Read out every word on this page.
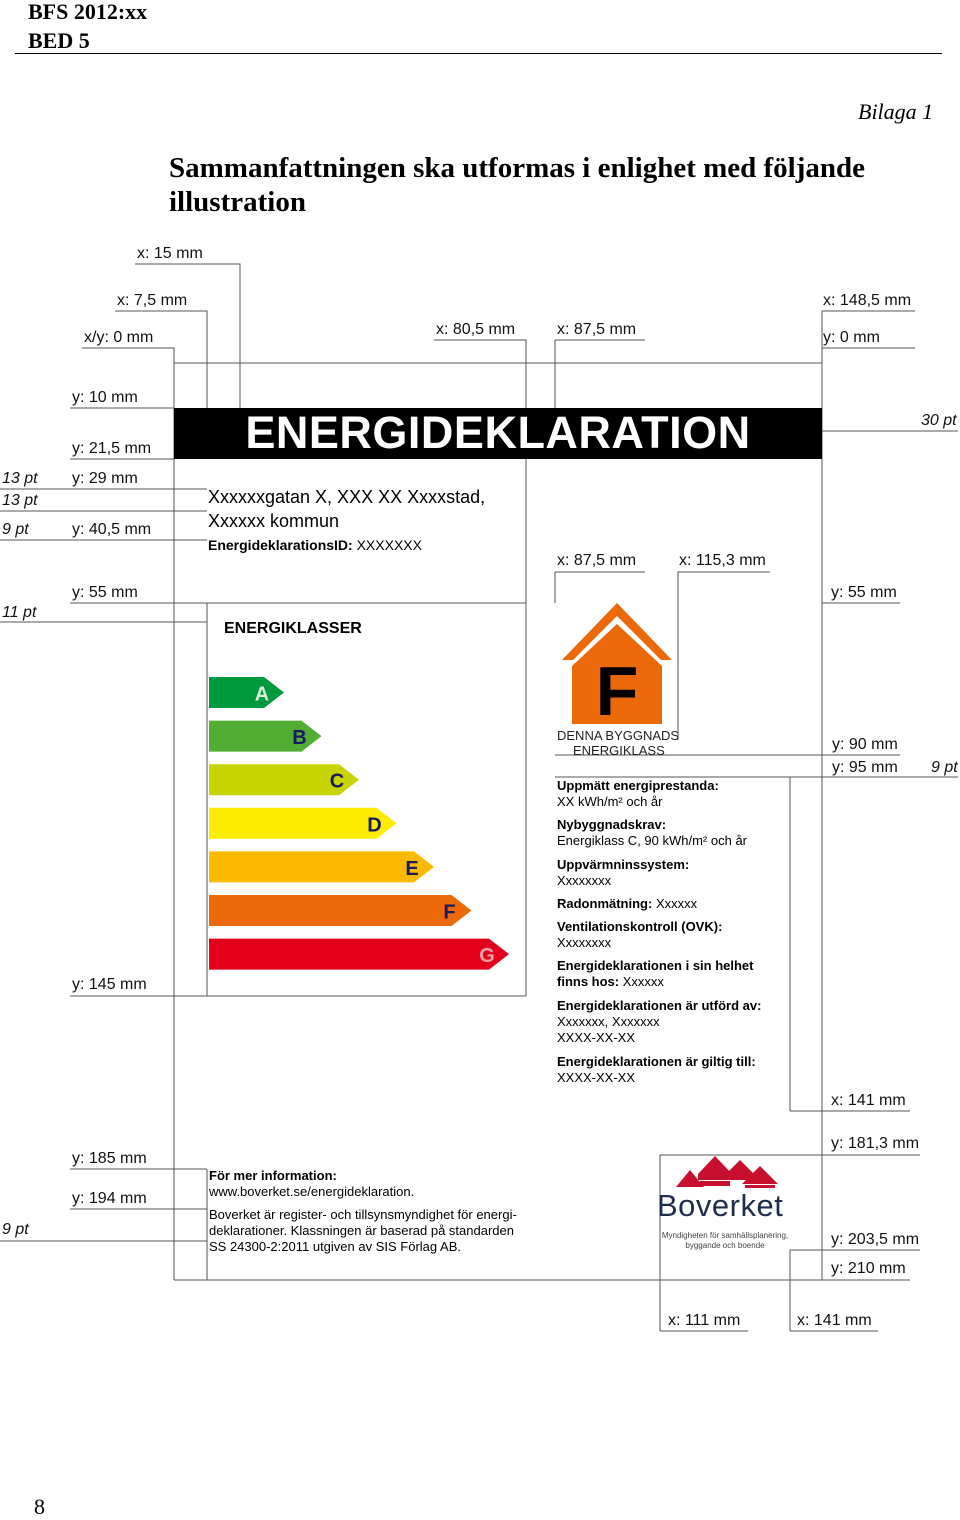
BFS 2012:xx
BED 5
Bilaga 1
Sammanfattningen ska utformas i enlighet med följande
illustration
x: 15 mm
x: 7,5 mm
x/y: 0 mm	x: 80,5 mm	x: 87,5 mm
x: 148,5 mm
y: 0 mm
y: 10 mm
y: 21,5 mm
y: 29 mm
y: 40,5 mm
x: 87,5 mm	x: 115,3 mm
y: 55 mm	y: 55 mm
y: 90 mm
y: 95 mm
y: 145 mm
x: 141 mm
y: 181,3 mm
y: 185 mm
y: 194 mm
y: 203,5 mm
y: 210 mm
x: 111 mm	x: 141 mm
30 pt
13 pt
13 pt
9 pt
11 pt
9 pt
9 pt
ENERGIDEKLARATION
Xxxxxxgatan X, XXX XX Xxxxstad,
Xxxxxx kommun
EnergideklarationsID: XXXXXXX
ENERGIKLASSER
A
B
C
D
E
F
G
F
DENNA BYGGNADS
ENERGIKLASS
Uppmätt energiprestanda:
XX kWh/m² och år
Nybyggnadskrav:
Energiklass C, 90 kWh/m² och år
Uppvärmninssystem:
Xxxxxxxx
Radonmätning: Xxxxxx
Ventilationskontroll (OVK):
Xxxxxxxx
Energideklarationen i sin helhet
finns hos: Xxxxxx
Energideklarationen är utförd av:
Xxxxxxx, Xxxxxxx
XXXX-XX-XX
Energideklarationen är giltig till:
XXXX-XX-XX
För mer information:
www.boverket.se/energideklaration.
Boverket är register- och tillsynsmyndighet för energi-
deklarationer. Klassningen är baserad på standarden
SS 24300-2:2011 utgiven av SIS Förlag AB.
Boverket
Myndigheten för samhällsplanering,
byggande och boende
8
